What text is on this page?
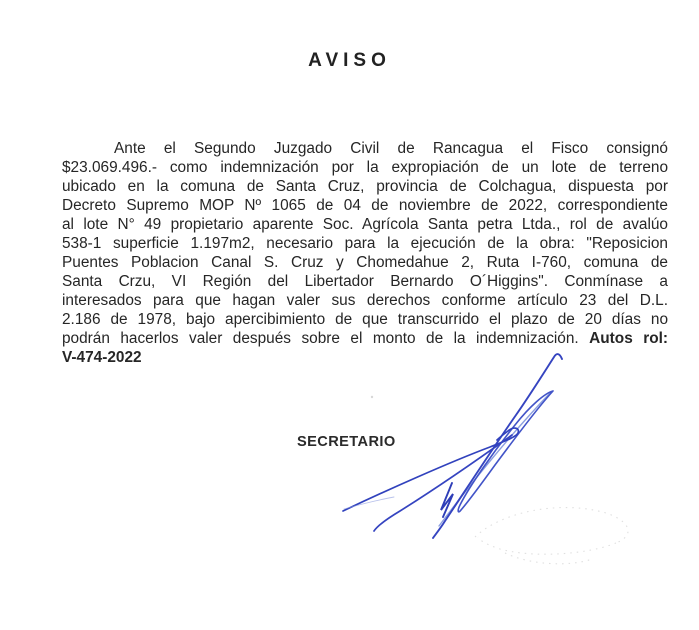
AVISO
Ante el Segundo Juzgado Civil de Rancagua el Fisco consignó
$23.069.496.- como indemnización por la expropiación de un lote de terreno
ubicado en la comuna de Santa Cruz, provincia de Colchagua, dispuesta por
Decreto Supremo MOP Nº 1065 de 04 de noviembre de 2022, correspondiente
al lote N° 49 propietario aparente Soc. Agrícola Santa petra Ltda., rol de avalúo
538-1 superficie 1.197m2, necesario para la ejecución de la obra: "Reposicion
Puentes Poblacion Canal S. Cruz y Chomedahue 2, Ruta I-760, comuna de
Santa Crzu, VI Región del Libertador Bernardo O´Higgins". Conmínase a
interesados para que hagan valer sus derechos conforme artículo 23 del D.L.
2.186 de 1978, bajo apercibimiento de que transcurrido el plazo de 20 días no
podrán hacerlos valer después sobre el monto de la indemnización. Autos rol:
V-474-2022
SECRETARIO
